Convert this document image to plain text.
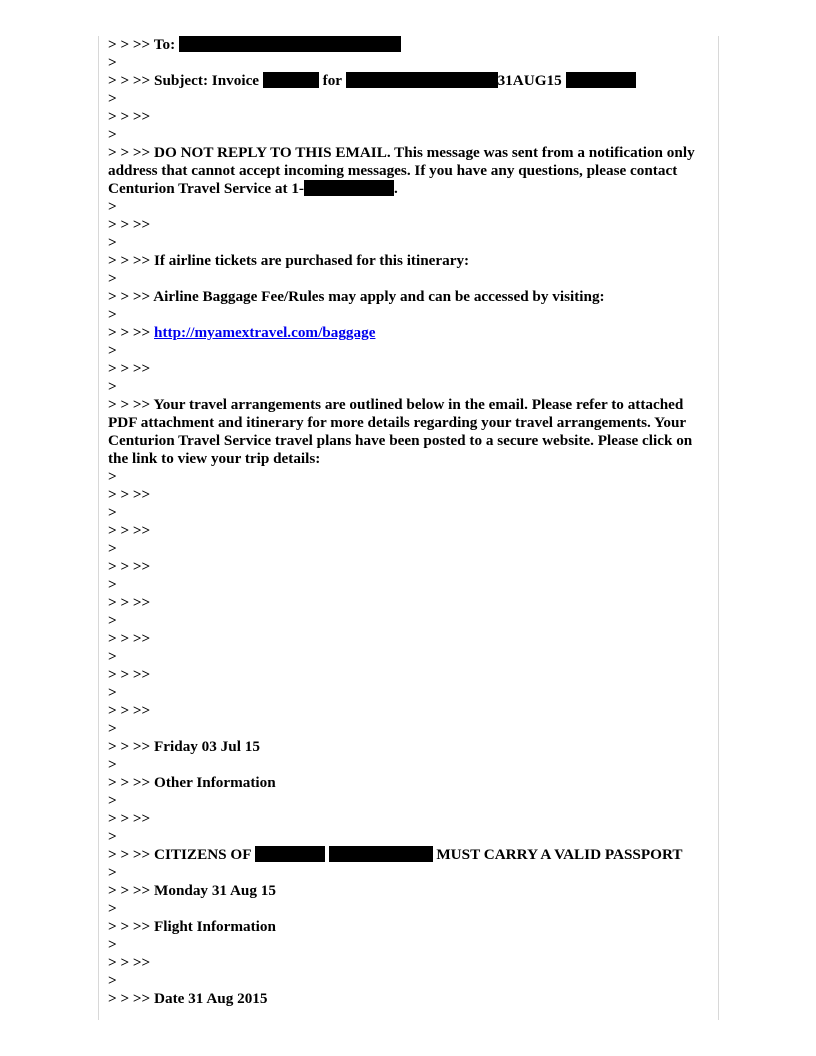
> > >> To:
>
> > >> Subject: Invoice	for	31AUG15
>
> > >>
>
> > >> DO NOT REPLY TO THIS EMAIL. This message was sent from a notification only address that cannot accept incoming messages. If you have any questions, please contact Centurion Travel Service at 1-	.
>
> > >>
>
> > >> If airline tickets are purchased for this itinerary:
>
> > >> Airline Baggage Fee/Rules may apply and can be accessed by visiting:
>
> > >> http://myamextravel.com/baggage
>
> > >>
>
> > >> Your travel arrangements are outlined below in the email. Please refer to attached PDF attachment and itinerary for more details regarding your travel arrangements. Your Centurion Travel Service travel plans have been posted to a secure website. Please click on the link to view your trip details:
>
> > >>
>
> > >>
>
> > >>
>
> > >>
>
> > >>
>
> > >>
>
> > >>
>
> > >> Friday 03 Jul 15
>
> > >> Other Information
>
> > >>
>
> > >> CITIZENS OF	MUST CARRY A VALID PASSPORT
>
> > >> Monday 31 Aug 15
>
> > >> Flight Information
>
> > >>
>
> > >> Date 31 Aug 2015
